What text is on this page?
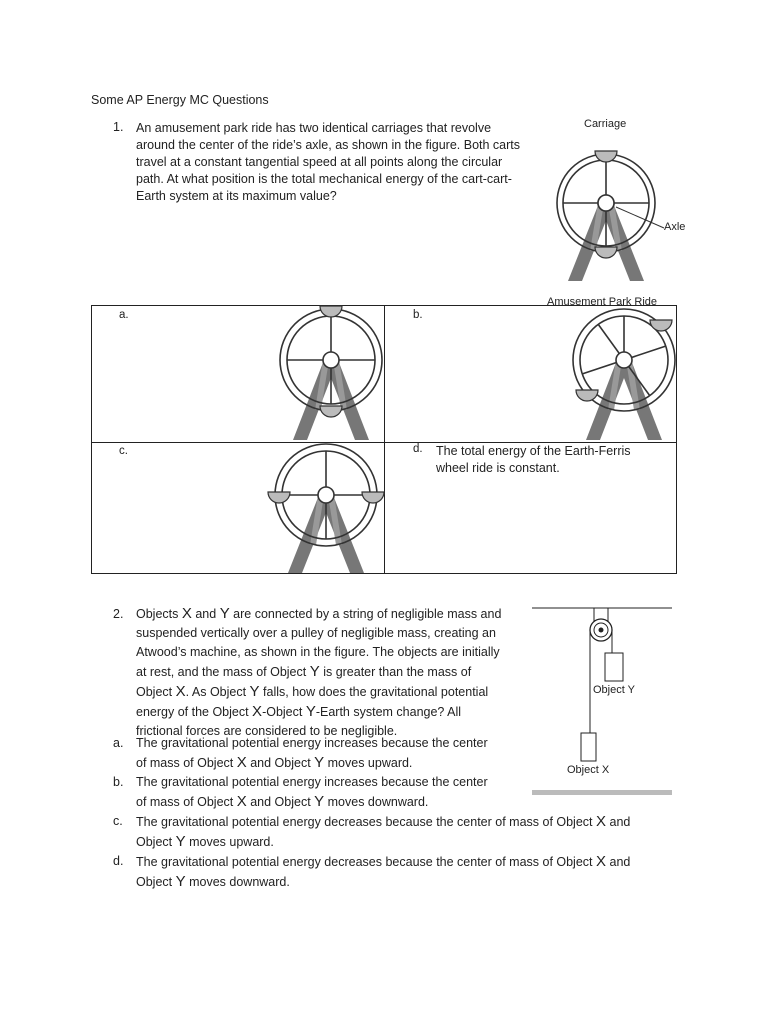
Some AP Energy MC Questions
1. An amusement park ride has two identical carriages that revolve around the center of the ride’s axle, as shown in the figure. Both carts travel at a constant tangential speed at all points along the circular path. At what position is the total mechanical energy of the cart-cart-Earth system at its maximum value?
Carriage
Axle
Amusement Park Ride
a.	b.
c.	d. The total energy of the Earth-Ferris wheel ride is constant.
2. Objects X and Y are connected by a string of negligible mass and
suspended vertically over a pulley of negligible mass, creating an
Atwood’s machine, as shown in the figure. The objects are initially
at rest, and the mass of Object Y is greater than the mass of
Object X. As Object Y falls, how does the gravitational potential
energy of the Object X-Object Y-Earth system change? All
frictional forces are considered to be negligible.
Object Y
Object X
a. The gravitational potential energy increases because the center
of mass of Object X and Object Y moves upward.
b. The gravitational potential energy increases because the center
of mass of Object X and Object Y moves downward.
c. The gravitational potential energy decreases because the center of mass of Object X and
Object Y moves upward.
d. The gravitational potential energy decreases because the center of mass of Object X and
Object Y moves downward.
